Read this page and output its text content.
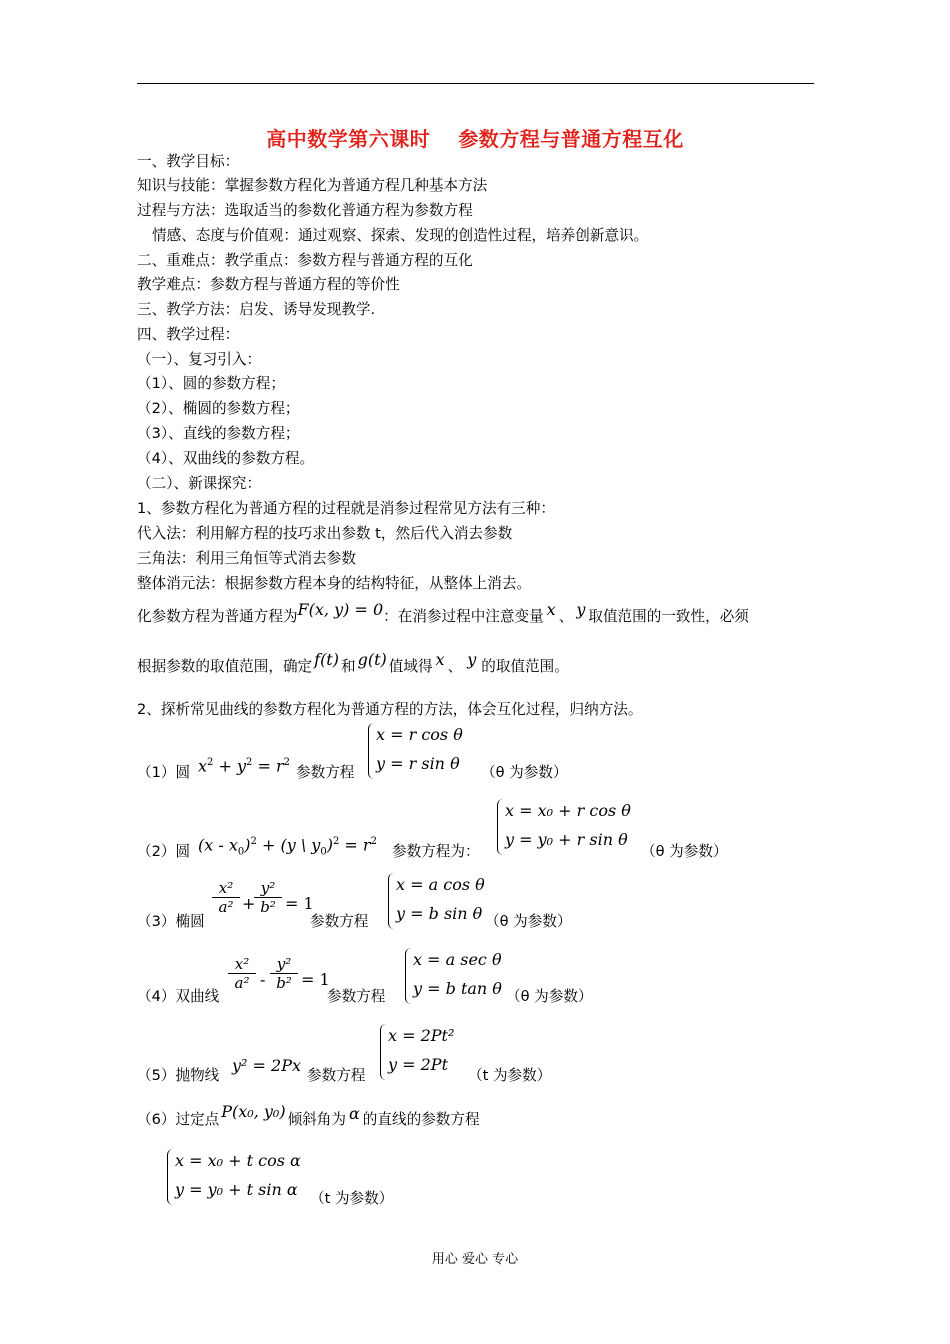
高中数学第六课时　 参数方程与普通方程互化
一、教学目标：
知识与技能：掌握参数方程化为普通方程几种基本方法
过程与方法：选取适当的参数化普通方程为参数方程
情感、态度与价值观：通过观察、探索、发现的创造性过程，培养创新意识。
二、重难点：教学重点：参数方程与普通方程的互化
教学难点：参数方程与普通方程的等价性
三、教学方法：启发、诱导发现教学.
四、教学过程：
（一）、复习引入：
（1）、圆的参数方程；
（2）、椭圆的参数方程；
（3）、直线的参数方程；
（4）、双曲线的参数方程。
（二）、新课探究：
1、参数方程化为普通方程的过程就是消参过程常见方法有三种：
代入法：利用解方程的技巧求出参数 t，然后代入消去参数
三角法：利用三角恒等式消去参数
整体消元法：根据参数方程本身的结构特征，从整体上消去。
化参数方程为普通方程为F(x, y) = 0：在消参过程中注意变量 x 、 y 取值范围的一致性，必须
根据参数的取值范围，确定 f(t) 和 g(t) 值域得 x 、 y 的取值范围。
2、探析常见曲线的参数方程化为普通方程的方法，体会互化过程，归纳方法。
（1）圆 $x^2 + y^2 = r^2$
参数方程
x = r cos θ
y = r sin θ （θ 为参数）
（2）圆 $(x - x_0)^2 + (y$ \ $y_0)^2 = r^2$
参数方程为：
x = x₀ + r cos θ
y = y₀ + r sin θ
（θ 为参数）
（3）椭圆
$\frac{\text{x²}}{\text{a²}}$ +
$\frac{\text{y²}}{\text{b²}} = 1$
参数方程
x = a cos θ
y = b sin θ （θ 为参数）
（4）双曲线
$\frac{\text{x²}}{\text{a²}} - \frac{\text{y²}}{\text{b²}} = 1$
参数方程
x = a sec θ
y = b tan θ （θ 为参数）
（5）抛物线
y² = 2Px
参数方程
x = 2Pt²
y = 2Pt
（t 为参数）
（6）过定点 P(x₀, y₀) 倾斜角为 α 的直线的参数方程
x = x₀ + t cos α
y = y₀ + t sin α （t 为参数）
用心 爱心 专心
